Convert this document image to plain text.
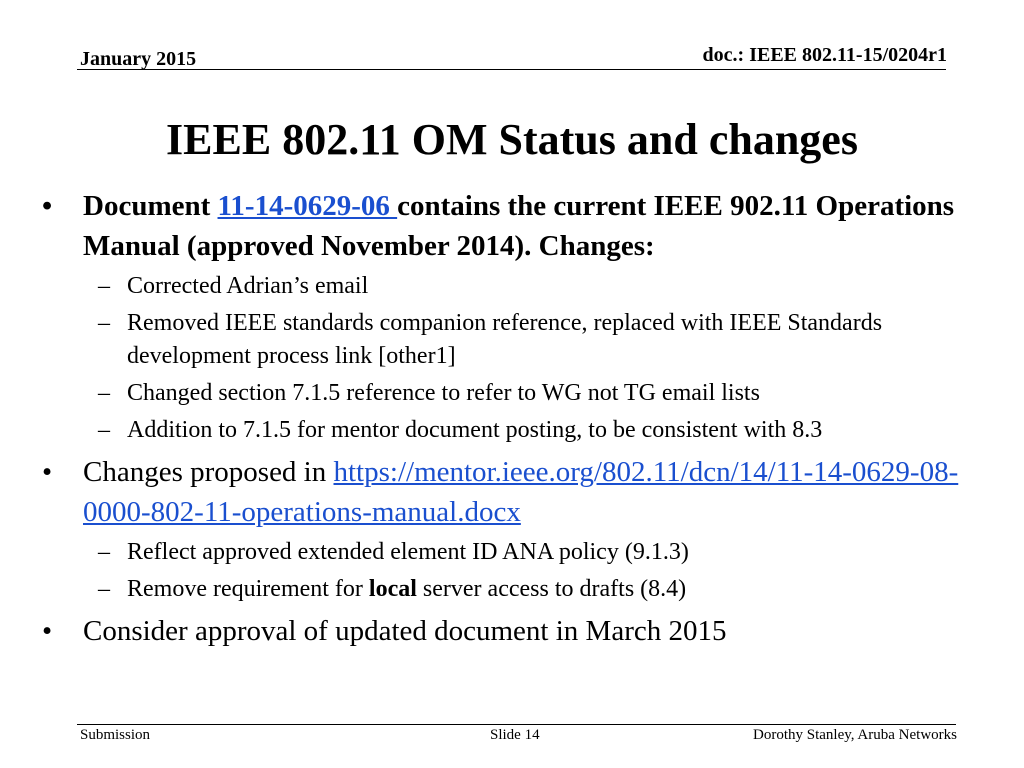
January 2015	doc.: IEEE 802.11-15/0204r1
IEEE 802.11 OM Status and changes
• Document 11-14-0629-06 contains the current IEEE 902.11 Operations Manual (approved November 2014). Changes:
– Corrected Adrian’s email
– Removed IEEE standards companion reference, replaced with IEEE Standards development process link [other1]
– Changed section 7.1.5 reference to refer to WG not TG email lists
– Addition to 7.1.5 for mentor document posting, to be consistent with 8.3
• Changes proposed in https://mentor.ieee.org/802.11/dcn/14/11-14-0629-08-0000-802-11-operations-manual.docx
– Reflect approved extended element ID ANA policy (9.1.3)
– Remove requirement for local server access to drafts (8.4)
• Consider approval of updated document in March 2015
Submission	Slide 14	Dorothy Stanley, Aruba Networks
